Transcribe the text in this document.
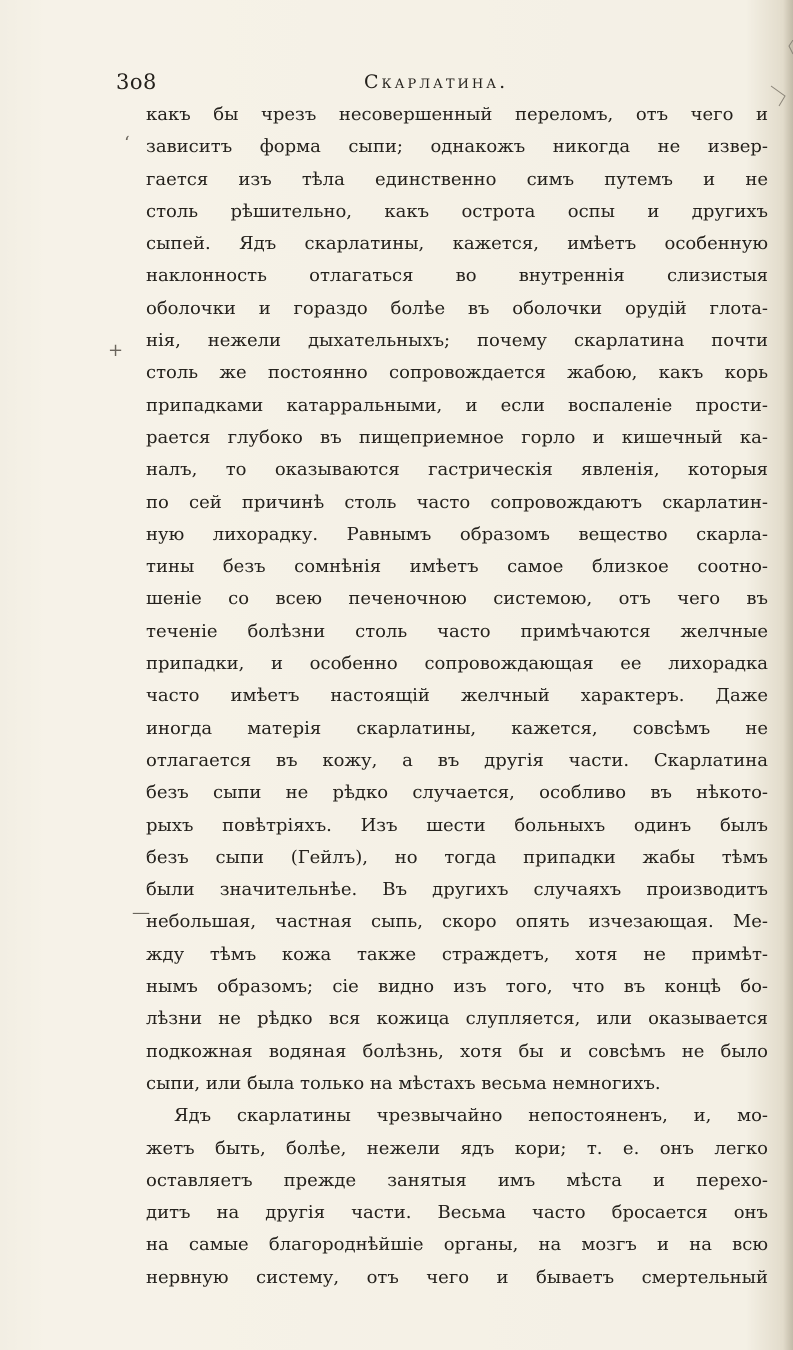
3o8	Скарлатина.
‘
+
—
какъ бы чрезъ несовершенный переломъ, отъ чего и
зависитъ форма сыпи; однакожъ никогда не извер-
гается изъ тѣла единственно симъ путемъ и не
столь рѣшительно, какъ острота оспы и другихъ
сыпей. Ядъ скарлатины, кажется, имѣетъ особенную
наклонность отлагаться во внутреннія слизистыя
оболочки и гораздо болѣе въ оболочки орудій глота-
нія, нежели дыхательныхъ; почему скарлатина почти
столь же постоянно сопровождается жабою, какъ корь
припадками катарральными, и если воспаленіе прости-
рается глубоко въ пищеприемное горло и кишечный ка-
налъ, то оказываются гастрическія явленія, которыя
по сей причинѣ столь часто сопровождаютъ скарлатин-
ную лихорадку. Равнымъ образомъ вещество скарла-
тины безъ сомнѣнія имѣетъ самое близкое соотно-
шеніе со всею печеночною системою, отъ чего въ
теченіе болѣзни столь часто примѣчаются желчные
припадки, и особенно сопровождающая ее лихорадка
часто имѣетъ настоящій желчный характеръ. Даже
иногда матерія скарлатины, кажется, совсѣмъ не
отлагается въ кожу, а въ другія части. Скарлатина
безъ сыпи не рѣдко случается, особливо въ нѣкото-
рыхъ повѣтріяхъ. Изъ шести больныхъ одинъ былъ
безъ сыпи (Гейлъ), но тогда припадки жабы тѣмъ
были значительнѣе. Въ другихъ случаяхъ производитъ
небольшая, частная сыпь, скоро опять изчезающая. Ме-
жду тѣмъ кожа также страждетъ, хотя не примѣт-
нымъ образомъ; сіе видно изъ того, что въ концѣ бо-
лѣзни не рѣдко вся кожица слупляется, или оказывается
подкожная водяная болѣзнь, хотя бы и совсѣмъ не было
сыпи, или была только на мѣстахъ весьма немногихъ.
Ядъ скарлатины чрезвычайно непостояненъ, и, мо-
жетъ быть, болѣе, нежели ядъ кори; т. е. онъ легко
оставляетъ прежде занятыя имъ мѣста и перехо-
дитъ на другія части. Весьма часто бросается онъ
на самые благороднѣйшіе органы, на мозгъ и на всю
нервную систему, отъ чего и бываетъ смертельный
